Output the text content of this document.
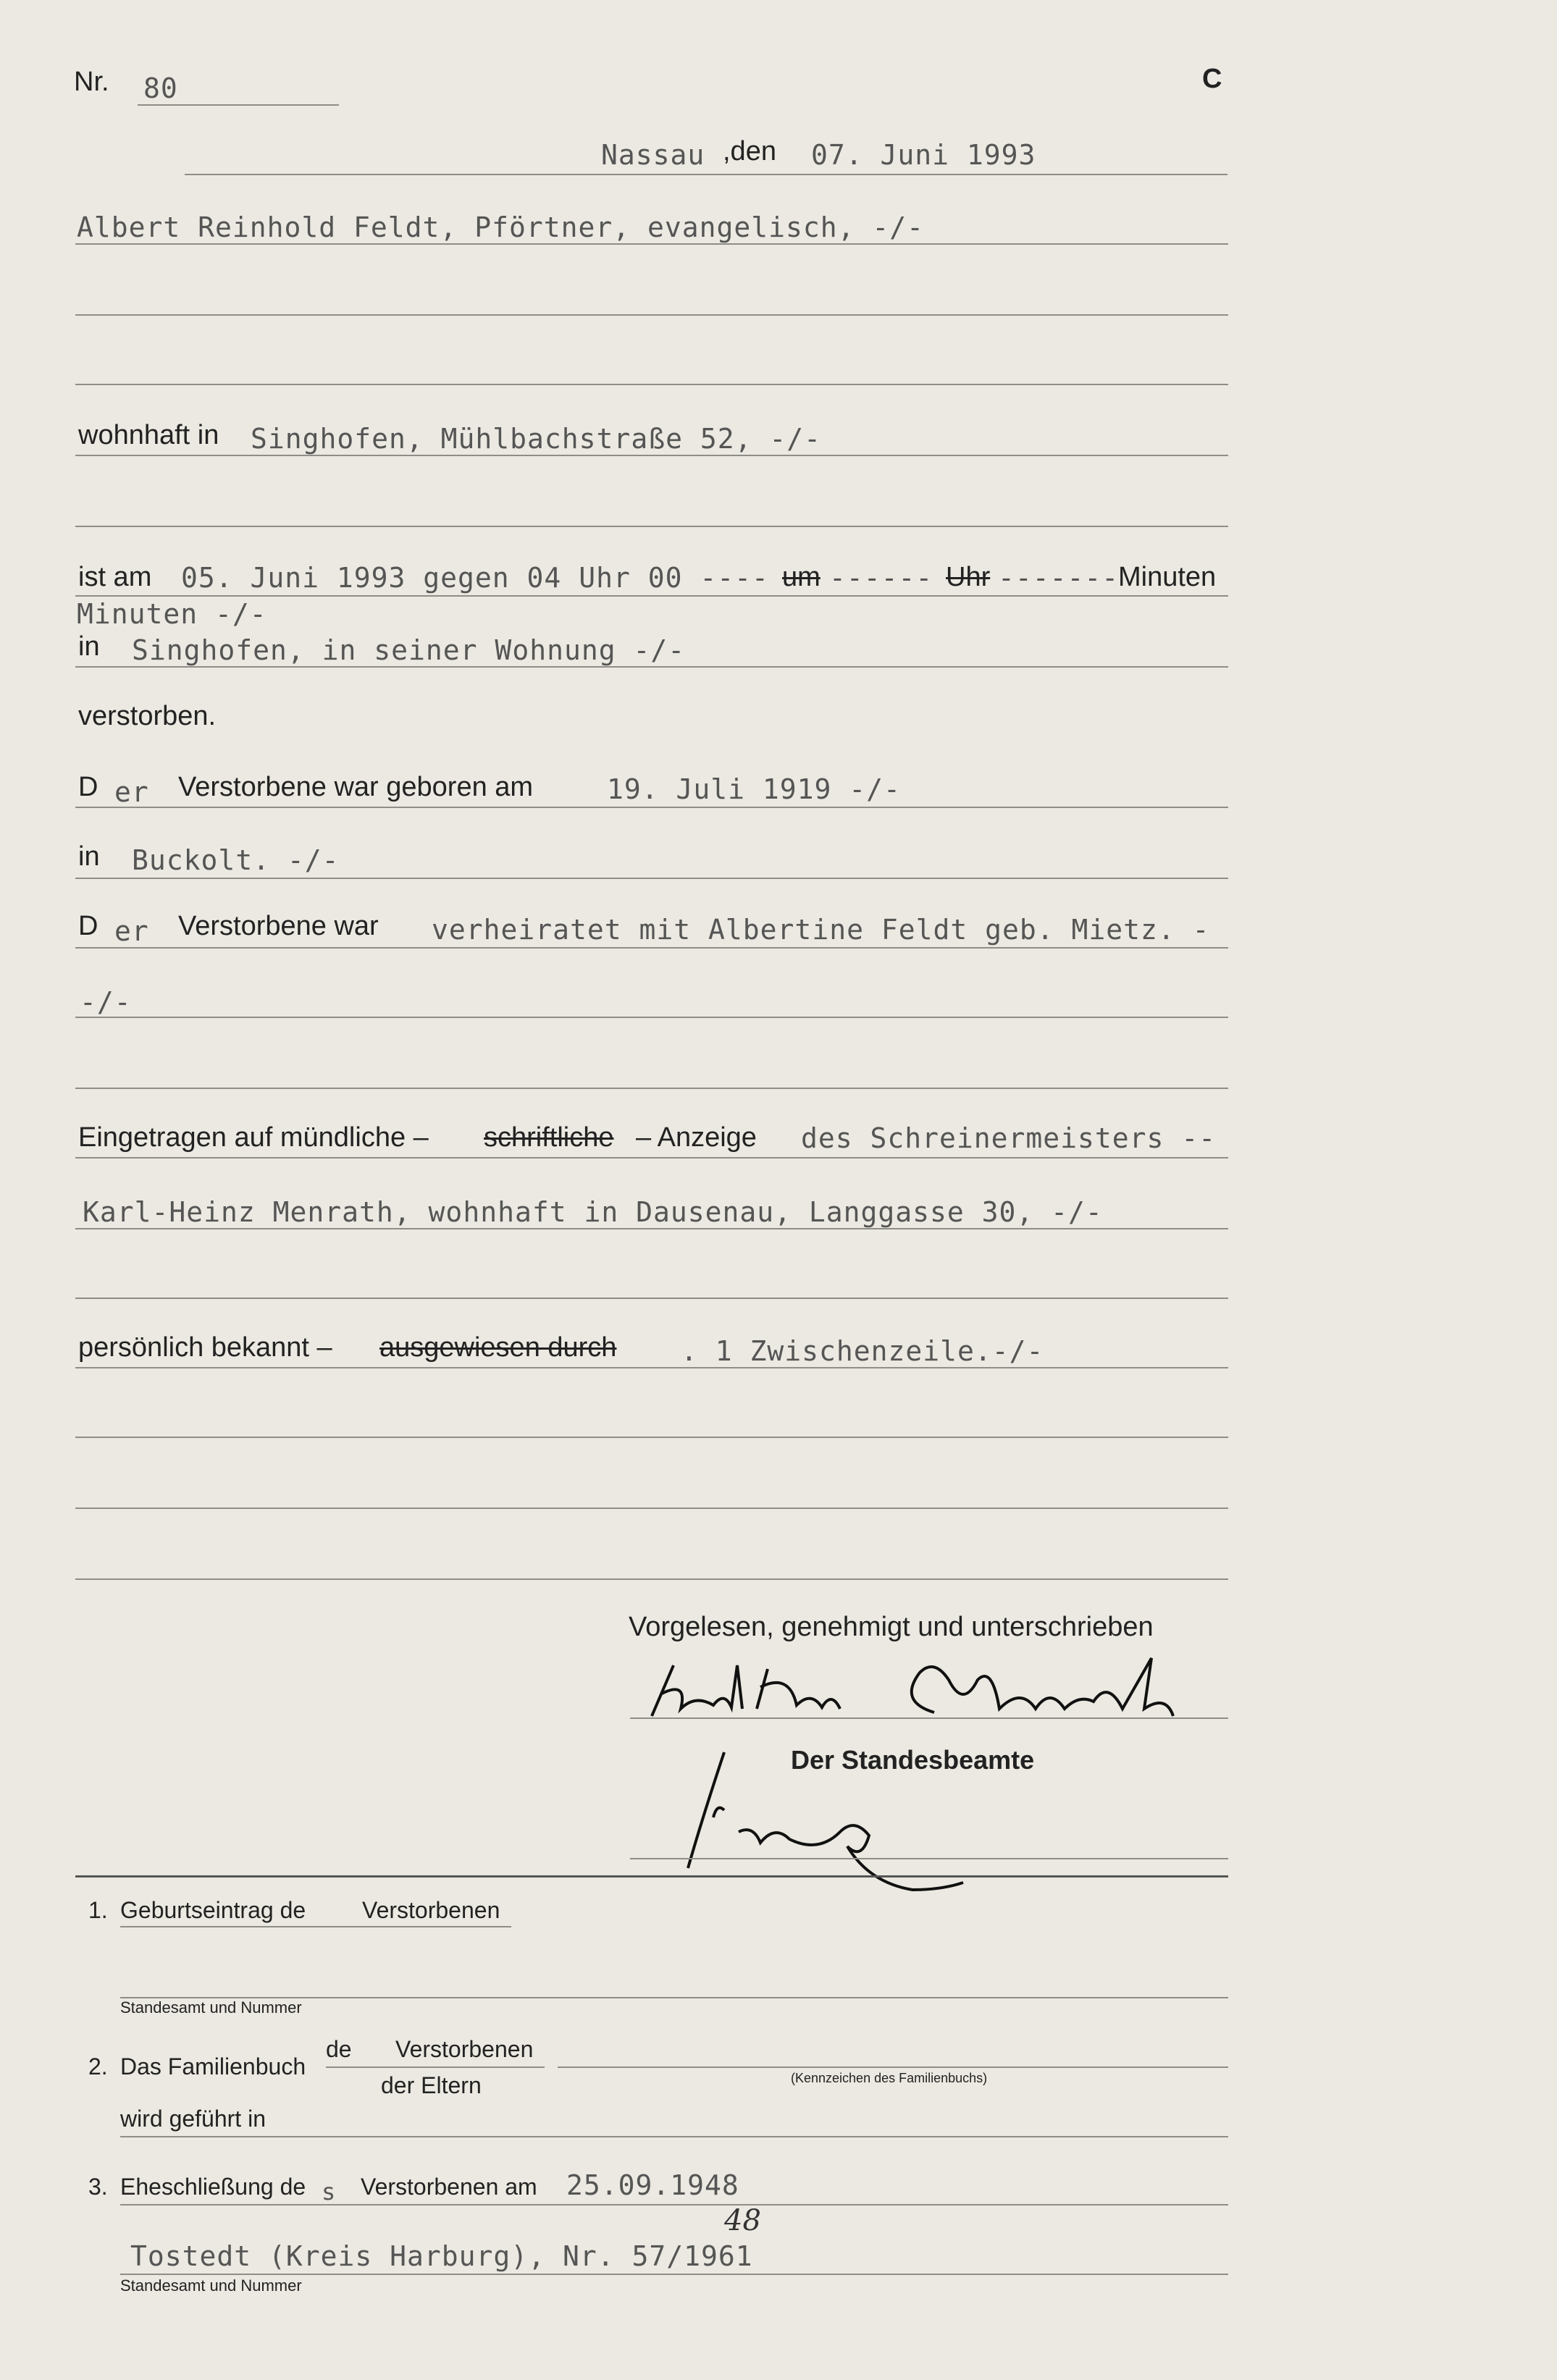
Nr. 80	C
Nassau ,den 07. Juni 1993
Albert Reinhold Feldt, Pförtner, evangelisch, -/-
wohnhaft in Singhofen, Mühlbachstraße 52, -/-
ist am 05. Juni 1993 gegen 04 Uhr 00 ---- um ------ Uhr -------
Minuten
Minuten -/-
in Singhofen, in seiner Wohnung -/-
verstorben.
D er Verstorbene war geboren am	19. Juli 1919 -/-
in Buckolt. -/-
D er Verstorbene war verheiratet mit Albertine Feldt geb. Mietz. -
-/-
Eingetragen auf mündliche – schriftliche – Anzeige des Schreinermeisters --
Karl-Heinz Menrath, wohnhaft in Dausenau, Langgasse 30, -/-
persönlich bekannt – ausgewiesen durch . 1 Zwischenzeile.-/-
Vorgelesen, genehmigt und unterschrieben
Der Standesbeamte
1. Geburtseintrag de Verstorbenen
Standesamt und Nummer
2. Das Familienbuch
de Verstorbenen
der Eltern	(Kennzeichen des Familienbuchs)
wird geführt in
3. Eheschließung de s Verstorbenen am 25.09.1948
Tostedt (Kreis Harburg), Nr. 57/1961
48
Standesamt und Nummer
